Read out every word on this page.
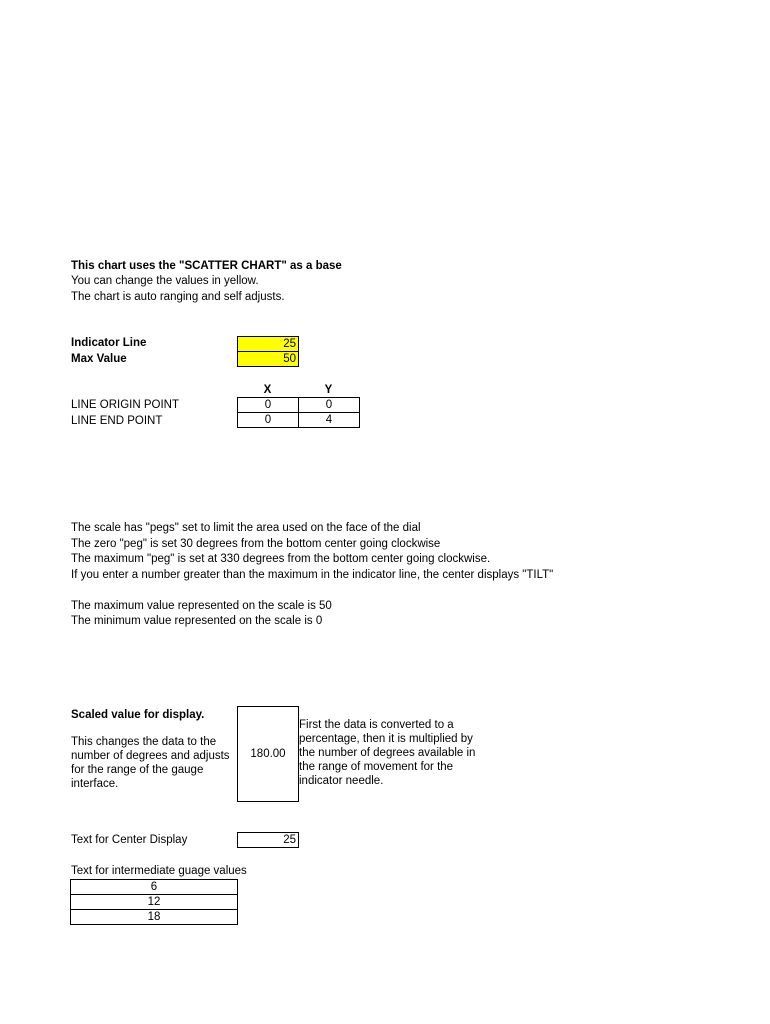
This chart uses the "SCATTER CHART" as a base
You can change the values in yellow.
The chart is auto ranging and self adjusts.
Indicator Line	25
Max Value	50
X	Y
LINE ORIGIN POINT	0	0
LINE END POINT	0	4
The scale has "pegs" set to limit the area used on the face of the dial
The zero "peg" is set 30 degrees from the bottom center going clockwise
The maximum "peg" is set at 330 degrees from the bottom center going clockwise.
If you enter a number greater than the maximum in the indicator line, the center displays "TILT"
The maximum value represented on the scale is 50
The minimum value represented on the scale is 0
Scaled value for display.
This changes the data to the number of degrees and adjusts for the range of the gauge interface.
180.00
First the data is converted to a percentage, then it is multiplied by the number of degrees available in the range of movement for the indicator needle.
Text for Center Display	25
Text for intermediate guage values
6
12
18
